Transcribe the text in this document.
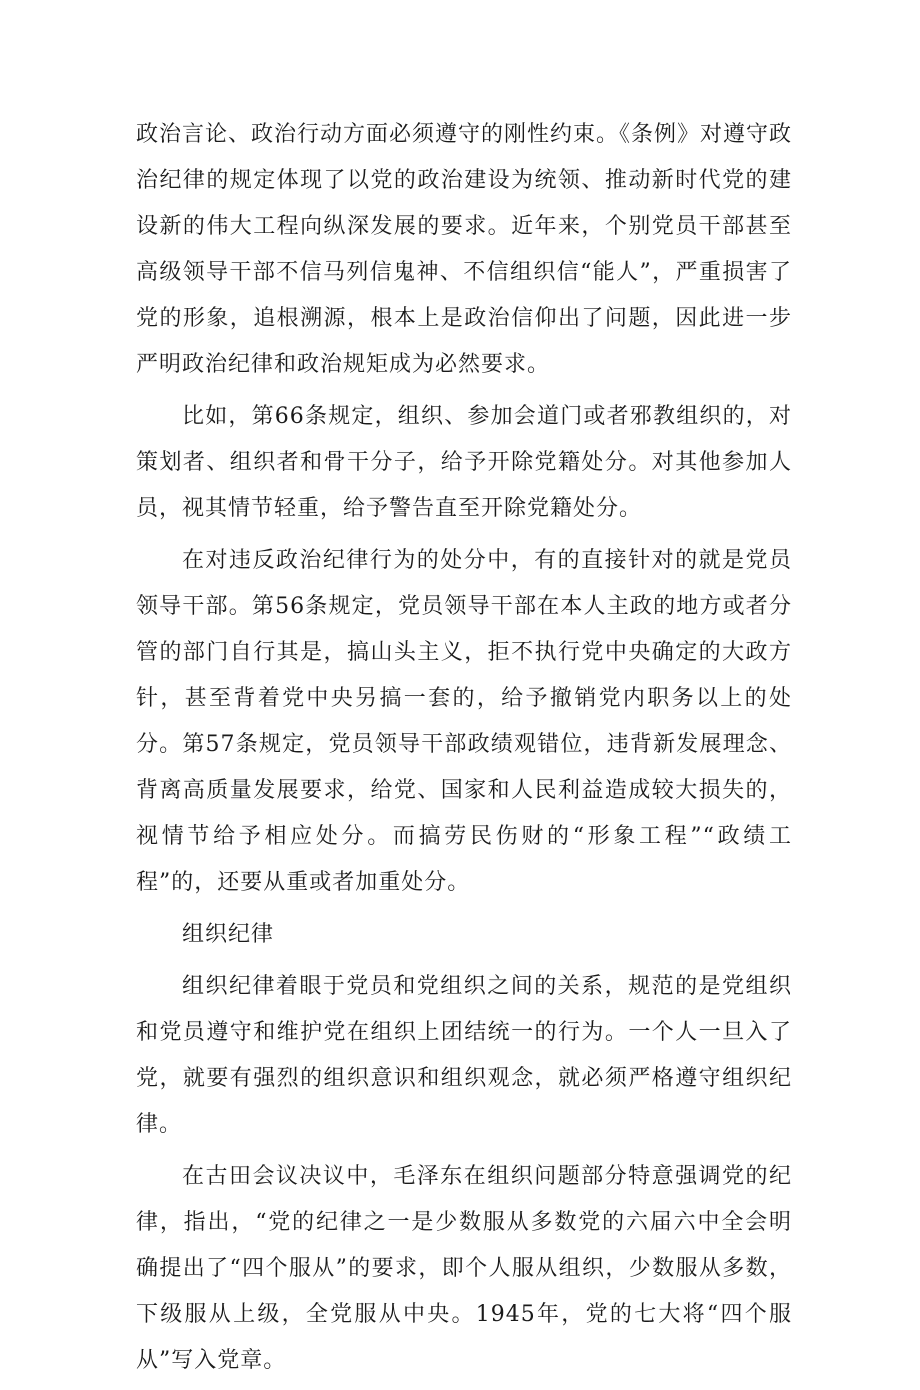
政治言论、政治行动方面必须遵守的刚性约束。《条例》对遵守政治纪律的规定体现了以党的政治建设为统领、推动新时代党的建设新的伟大工程向纵深发展的要求。近年来，个别党员干部甚至高级领导干部不信马列信鬼神、不信组织信“能人”，严重损害了党的形象，追根溯源，根本上是政治信仰出了问题，因此进一步严明政治纪律和政治规矩成为必然要求。

比如，第66条规定，组织、参加会道门或者邪教组织的，对策划者、组织者和骨干分子，给予开除党籍处分。对其他参加人员，视其情节轻重，给予警告直至开除党籍处分。

在对违反政治纪律行为的处分中，有的直接针对的就是党员领导干部。第56条规定，党员领导干部在本人主政的地方或者分管的部门自行其是，搞山头主义，拒不执行党中央确定的大政方针，甚至背着党中央另搞一套的，给予撤销党内职务以上的处分。第57条规定，党员领导干部政绩观错位，违背新发展理念、背离高质量发展要求，给党、国家和人民利益造成较大损失的，视情节给予相应处分。而搞劳民伤财的“形象工程”“政绩工程”的，还要从重或者加重处分。

组织纪律

组织纪律着眼于党员和党组织之间的关系，规范的是党组织和党员遵守和维护党在组织上团结统一的行为。一个人一旦入了党，就要有强烈的组织意识和组织观念，就必须严格遵守组织纪律。

在古田会议决议中，毛泽东在组织问题部分特意强调党的纪律，指出，“党的纪律之一是少数服从多数党的六届六中全会明确提出了“四个服从”的要求，即个人服从组织，少数服从多数，下级服从上级，全党服从中央。1945年，党的七大将“四个服从”写入党章。
